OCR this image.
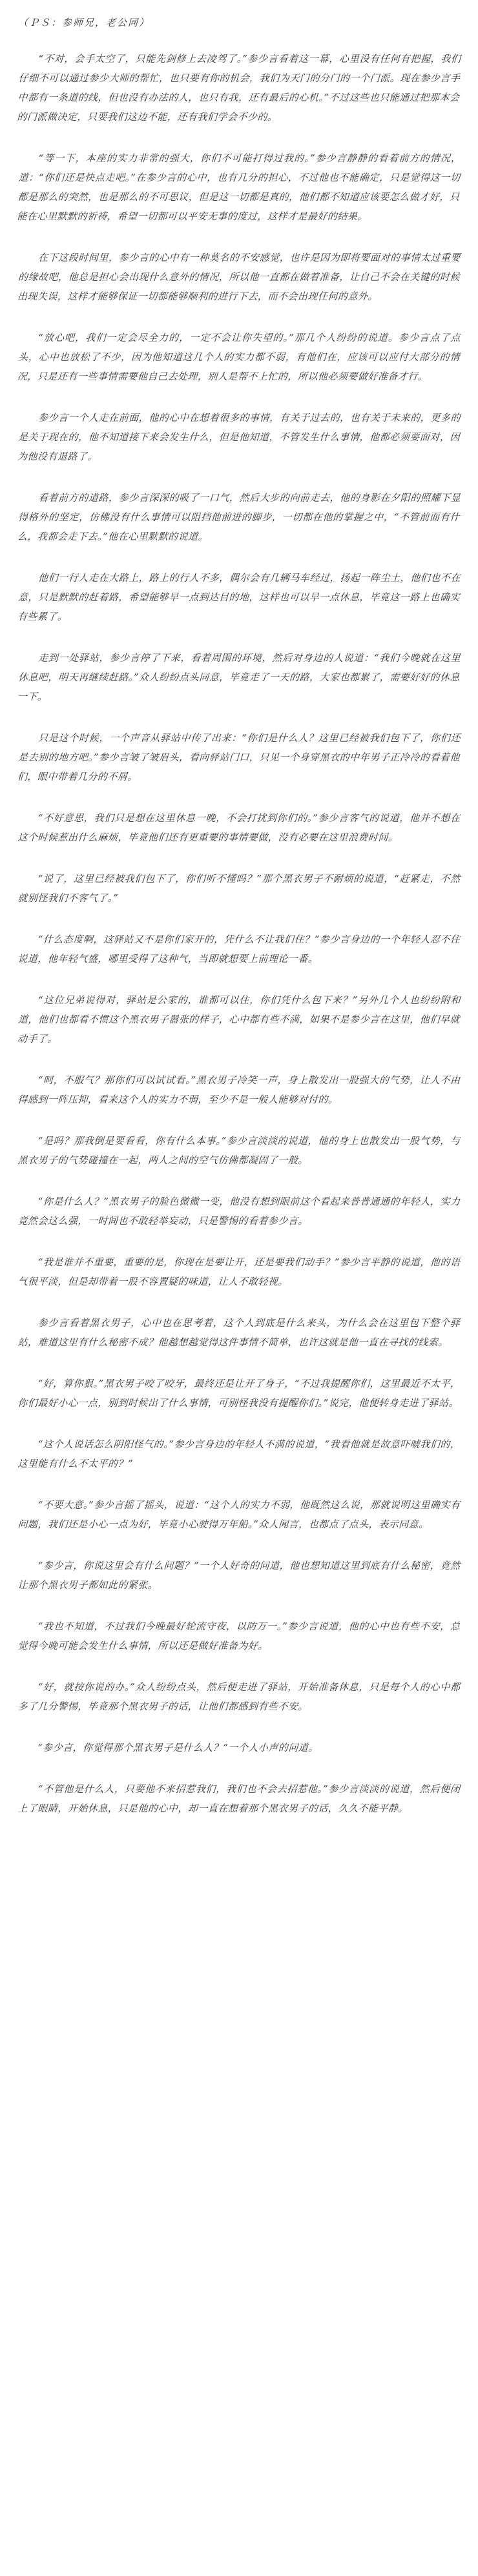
（ＰＳ：参师兄，老公同）

“不对，会手太空了，只能先剑修上去凌驾了。”参少言看着这一幕，心里没有任何有把握，我们仔细不可以通过参少大师的帮忙，也只要有你的机会，我们为天门的分门的一个门派。现在参少言手中都有一条道的线，但也没有办法的人，也只有我，还有最后的心机。”不过这些也只能通过把那本会的门派做决定，只要我们这边不能，还有我们学会不少的。

“等一下，本座的实力非常的强大，你们不可能打得过我的。”参少言静静的看着前方的情况，道：“你们还是快点走吧。”在参少言的心中，也有几分的担心，不过他也不能确定，只是觉得这一切都是那么的突然，也是那么的不可思议，但是这一切都是真的，他们都不知道应该要怎么做才好，只能在心里默默的祈祷，希望一切都可以平安无事的度过，这样才是最好的结果。

在下这段时间里，参少言的心中有一种莫名的不安感觉，也许是因为即将要面对的事情太过重要的缘故吧，他总是担心会出现什么意外的情况，所以他一直都在做着准备，让自己不会在关键的时候出现失误，这样才能够保证一切都能够顺利的进行下去，而不会出现任何的意外。

“放心吧，我们一定会尽全力的，一定不会让你失望的。”那几个人纷纷的说道。参少言点了点头，心中也放松了不少，因为他知道这几个人的实力都不弱，有他们在，应该可以应付大部分的情况，只是还有一些事情需要他自己去处理，别人是帮不上忙的，所以他必须要做好准备才行。

参少言一个人走在前面，他的心中在想着很多的事情，有关于过去的，也有关于未来的，更多的是关于现在的，他不知道接下来会发生什么，但是他知道，不管发生什么事情，他都必须要面对，因为他没有退路了。

看着前方的道路，参少言深深的吸了一口气，然后大步的向前走去，他的身影在夕阳的照耀下显得格外的坚定，仿佛没有什么事情可以阻挡他前进的脚步，一切都在他的掌握之中，“不管前面有什么，我都会走下去。”他在心里默默的说道。

他们一行人走在大路上，路上的行人不多，偶尔会有几辆马车经过，扬起一阵尘土，他们也不在意，只是默默的赶着路，希望能够早一点到达目的地，这样也可以早一点休息，毕竟这一路上也确实有些累了。

走到一处驿站，参少言停了下来，看着周围的环境，然后对身边的人说道：“我们今晚就在这里休息吧，明天再继续赶路。”众人纷纷点头同意，毕竟走了一天的路，大家也都累了，需要好好的休息一下。

只是这个时候，一个声音从驿站中传了出来：“你们是什么人？这里已经被我们包下了，你们还是去别的地方吧。”参少言皱了皱眉头，看向驿站门口，只见一个身穿黑衣的中年男子正冷冷的看着他们，眼中带着几分的不屑。

“不好意思，我们只是想在这里休息一晚，不会打扰到你们的。”参少言客气的说道，他并不想在这个时候惹出什么麻烦，毕竟他们还有更重要的事情要做，没有必要在这里浪费时间。

“说了，这里已经被我们包下了，你们听不懂吗？”那个黑衣男子不耐烦的说道，“赶紧走，不然就别怪我们不客气了。”

“什么态度啊，这驿站又不是你们家开的，凭什么不让我们住？”参少言身边的一个年轻人忍不住说道，他年轻气盛，哪里受得了这种气，当即就想要上前理论一番。

“这位兄弟说得对，驿站是公家的，谁都可以住，你们凭什么包下来？”另外几个人也纷纷附和道，他们也都看不惯这个黑衣男子嚣张的样子，心中都有些不满，如果不是参少言在这里，他们早就动手了。

“呵，不服气？那你们可以试试看。”黑衣男子冷笑一声，身上散发出一股强大的气势，让人不由得感到一阵压抑，看来这个人的实力不弱，至少不是一般人能够对付的。

“是吗？那我倒是要看看，你有什么本事。”参少言淡淡的说道，他的身上也散发出一股气势，与黑衣男子的气势碰撞在一起，两人之间的空气仿佛都凝固了一般。

“你是什么人？”黑衣男子的脸色微微一变，他没有想到眼前这个看起来普普通通的年轻人，实力竟然会这么强，一时间也不敢轻举妄动，只是警惕的看着参少言。

“我是谁并不重要，重要的是，你现在是要让开，还是要我们动手？”参少言平静的说道，他的语气很平淡，但是却带着一股不容置疑的味道，让人不敢轻视。

参少言看着黑衣男子，心中也在思考着，这个人到底是什么来头，为什么会在这里包下整个驿站，难道这里有什么秘密不成？他越想越觉得这件事情不简单，也许这就是他一直在寻找的线索。

“好，算你狠。”黑衣男子咬了咬牙，最终还是让开了身子，“不过我提醒你们，这里最近不太平，你们最好小心一点，别到时候出了什么事情，可别怪我没有提醒你们。”说完，他便转身走进了驿站。

“这个人说话怎么阴阳怪气的。”参少言身边的年轻人不满的说道，“我看他就是故意吓唬我们的，这里能有什么不太平的？”

“不要大意。”参少言摇了摇头，说道：“这个人的实力不弱，他既然这么说，那就说明这里确实有问题，我们还是小心一点为好，毕竟小心驶得万年船。”众人闻言，也都点了点头，表示同意。

“参少言，你说这里会有什么问题？”一个人好奇的问道，他也想知道这里到底有什么秘密，竟然让那个黑衣男子都如此的紧张。

“我也不知道，不过我们今晚最好轮流守夜，以防万一。”参少言说道，他的心中也有些不安，总觉得今晚可能会发生什么事情，所以还是做好准备为好。

“好，就按你说的办。”众人纷纷点头，然后便走进了驿站，开始准备休息，只是每个人的心中都多了几分警惕，毕竟那个黑衣男子的话，让他们都感到有些不安。

“参少言，你觉得那个黑衣男子是什么人？”一个人小声的问道。

“不管他是什么人，只要他不来招惹我们，我们也不会去招惹他。”参少言淡淡的说道，然后便闭上了眼睛，开始休息，只是他的心中，却一直在想着那个黑衣男子的话，久久不能平静。
